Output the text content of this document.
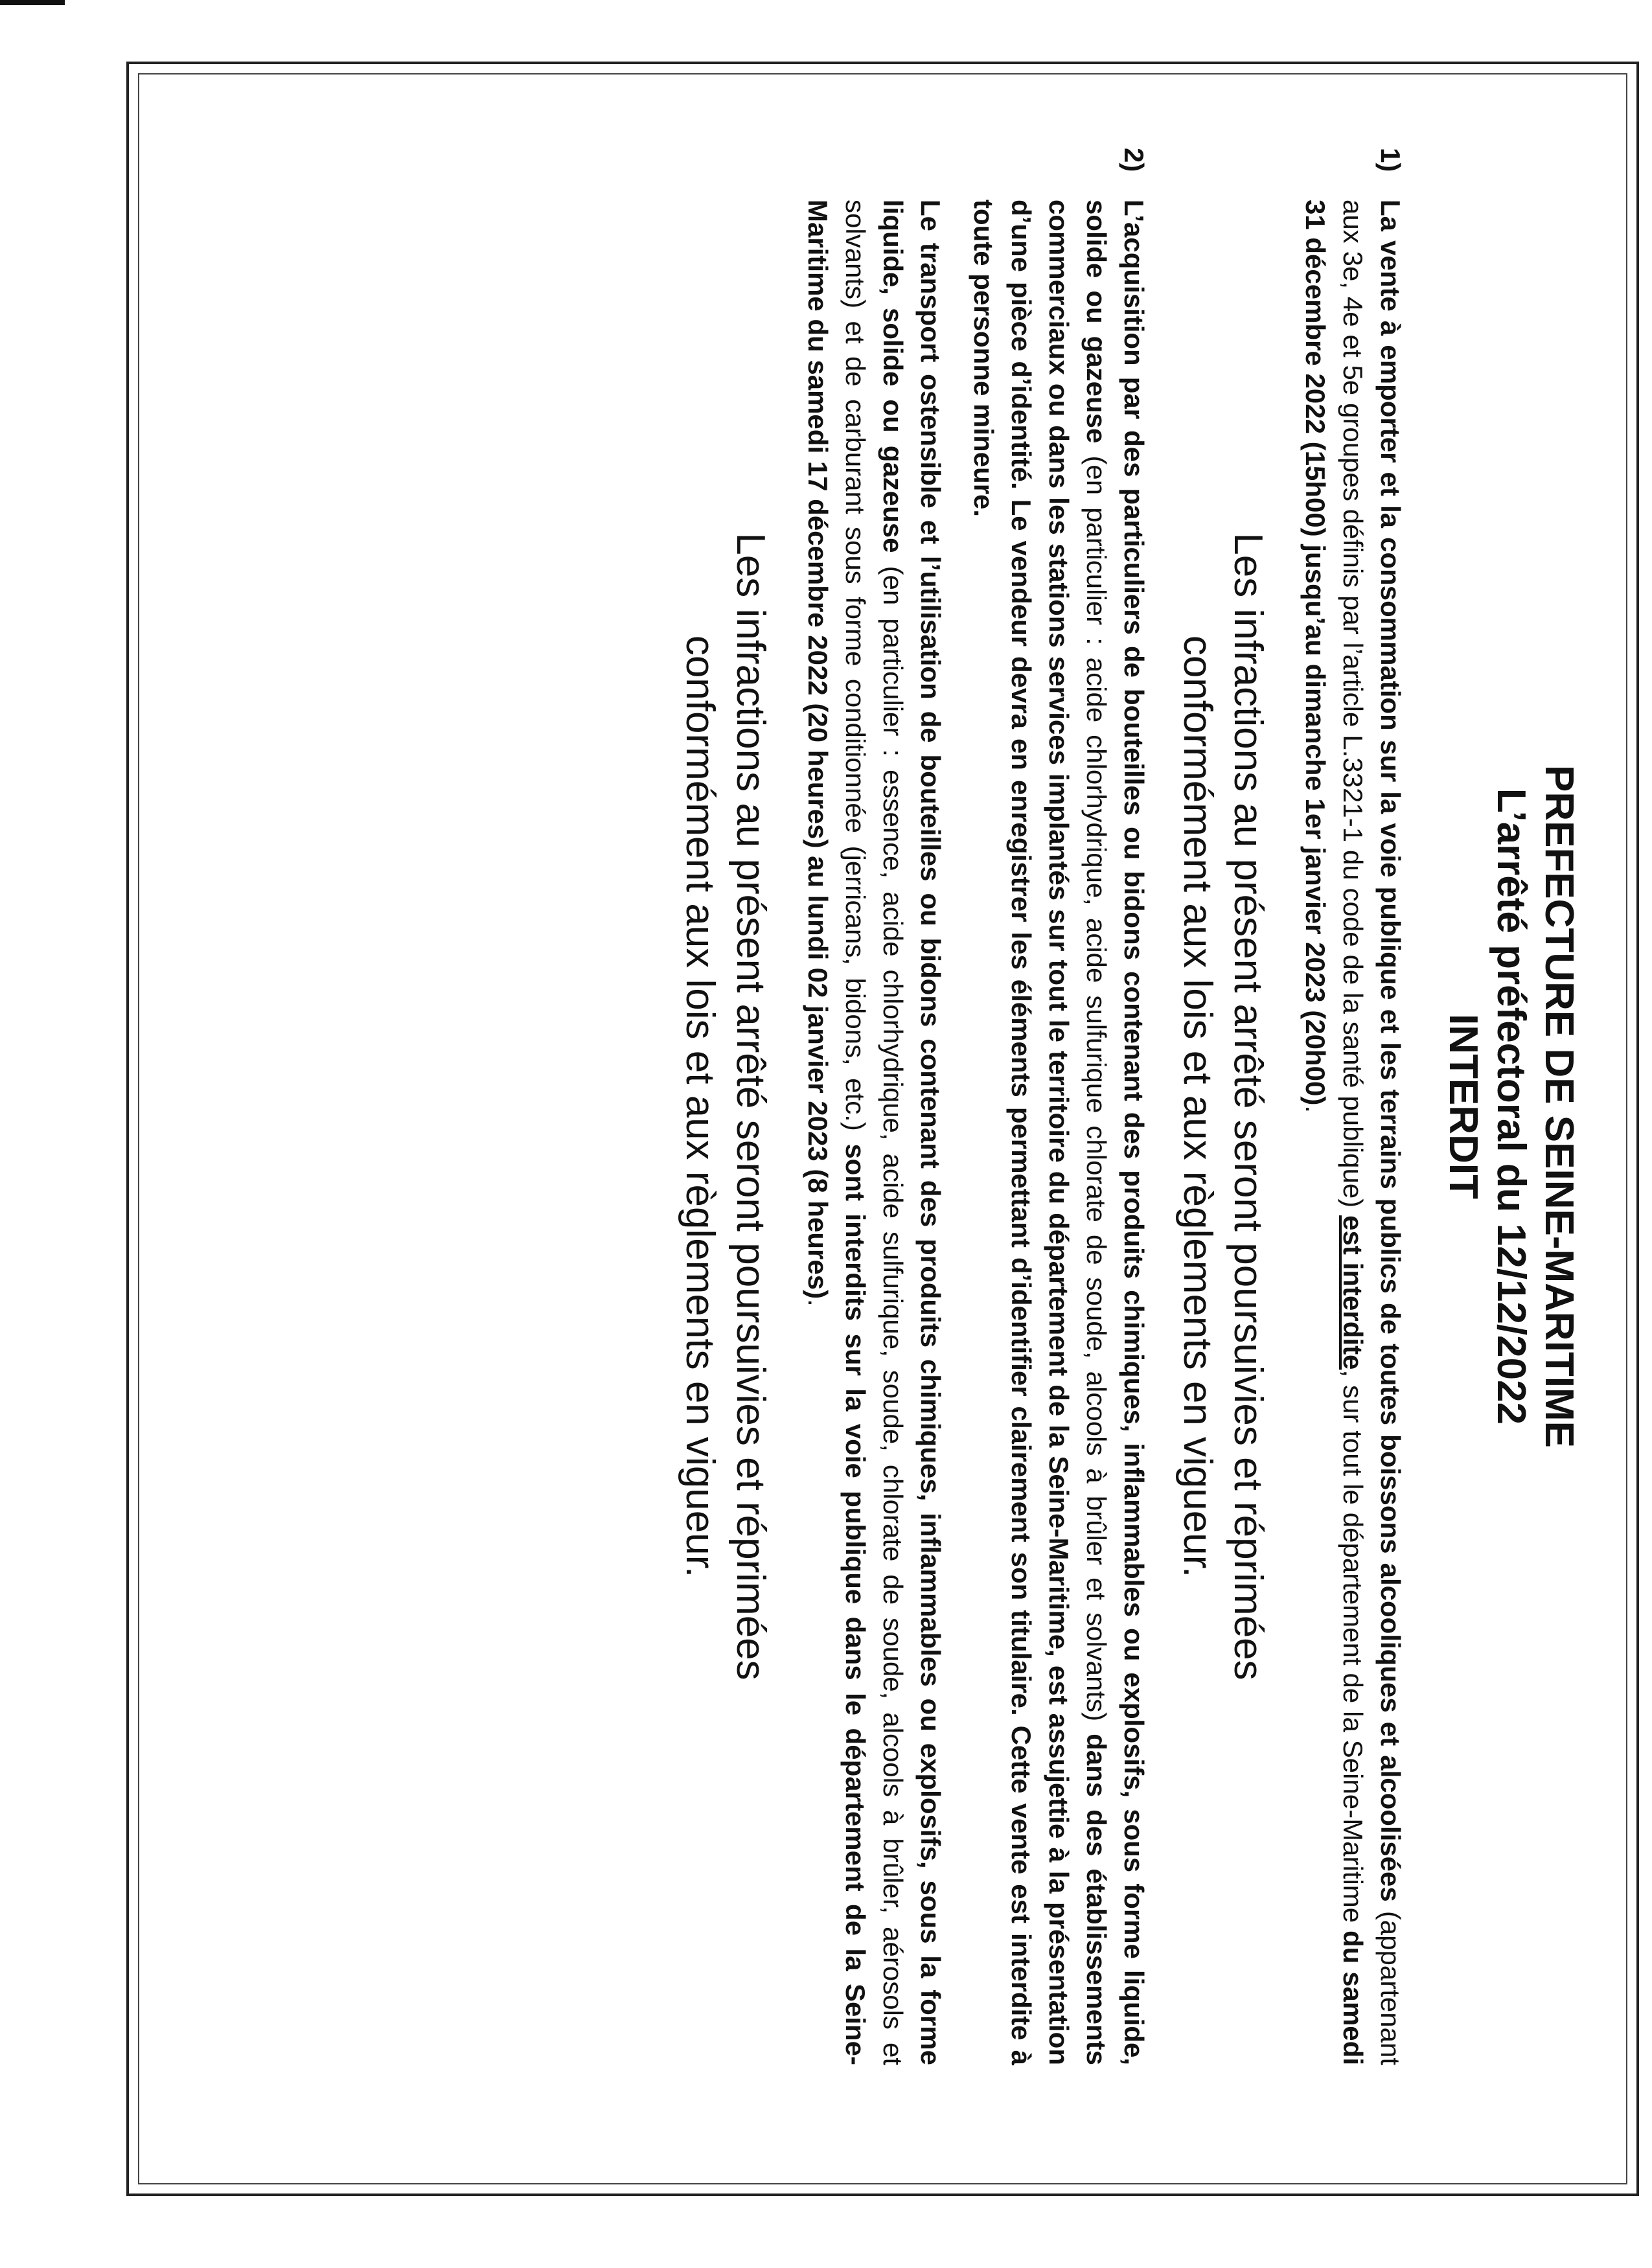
PREFECTURE DE SEINE-MARITIME
L’arrêté préfectoral du 12/12/2022
INTERDIT
1)

La vente à emporter et la consommation sur la voie publique et les terrains publics de toutes boissons alcooliques et alcoolisées (appartenant aux 3e, 4e et 5e groupes définis par l’article L.3321-1 du code de la santé publique) est interdite, sur tout le département de la Seine-Maritime du samedi 31 décembre 2022 (15h00) jusqu’au dimanche 1er janvier 2023 (20h00).

Les infractions au présent arrêté seront poursuivies et réprimées
conformément aux lois et aux règlements en vigueur.
2)

L’acquisition par des particuliers de bouteilles ou bidons contenant des produits chimiques, inflammables ou explosifs, sous forme liquide, solide ou gazeuse (en particulier : acide chlorhydrique, acide sulfurique chlorate de soude, alcools à brûler et solvants) dans des établissements commerciaux ou dans les stations services implantés sur tout le territoire du département de la Seine-Maritime, est assujettie à la présentation d’une pièce d’identité. Le vendeur devra en enregistrer les éléments permettant d’identifier clairement son titulaire. Cette vente est interdite à toute personne mineure.

Le transport ostensible et l’utilisation de bouteilles ou bidons contenant des produits chimiques, inflammables ou explosifs, sous la forme liquide, solide ou gazeuse (en particulier : essence, acide chlorhydrique, acide sulfurique, soude, chlorate de soude, alcools à brûler, aérosols et solvants) et de carburant sous forme conditionnée (jerricans, bidons, etc.) sont interdits sur la voie publique dans le département de la Seine-Maritime du samedi 17 décembre 2022 (20 heures) au lundi 02 janvier 2023 (8 heures).

Les infractions au présent arrêté seront poursuivies et réprimées
conformément aux lois et aux règlements en vigueur.
